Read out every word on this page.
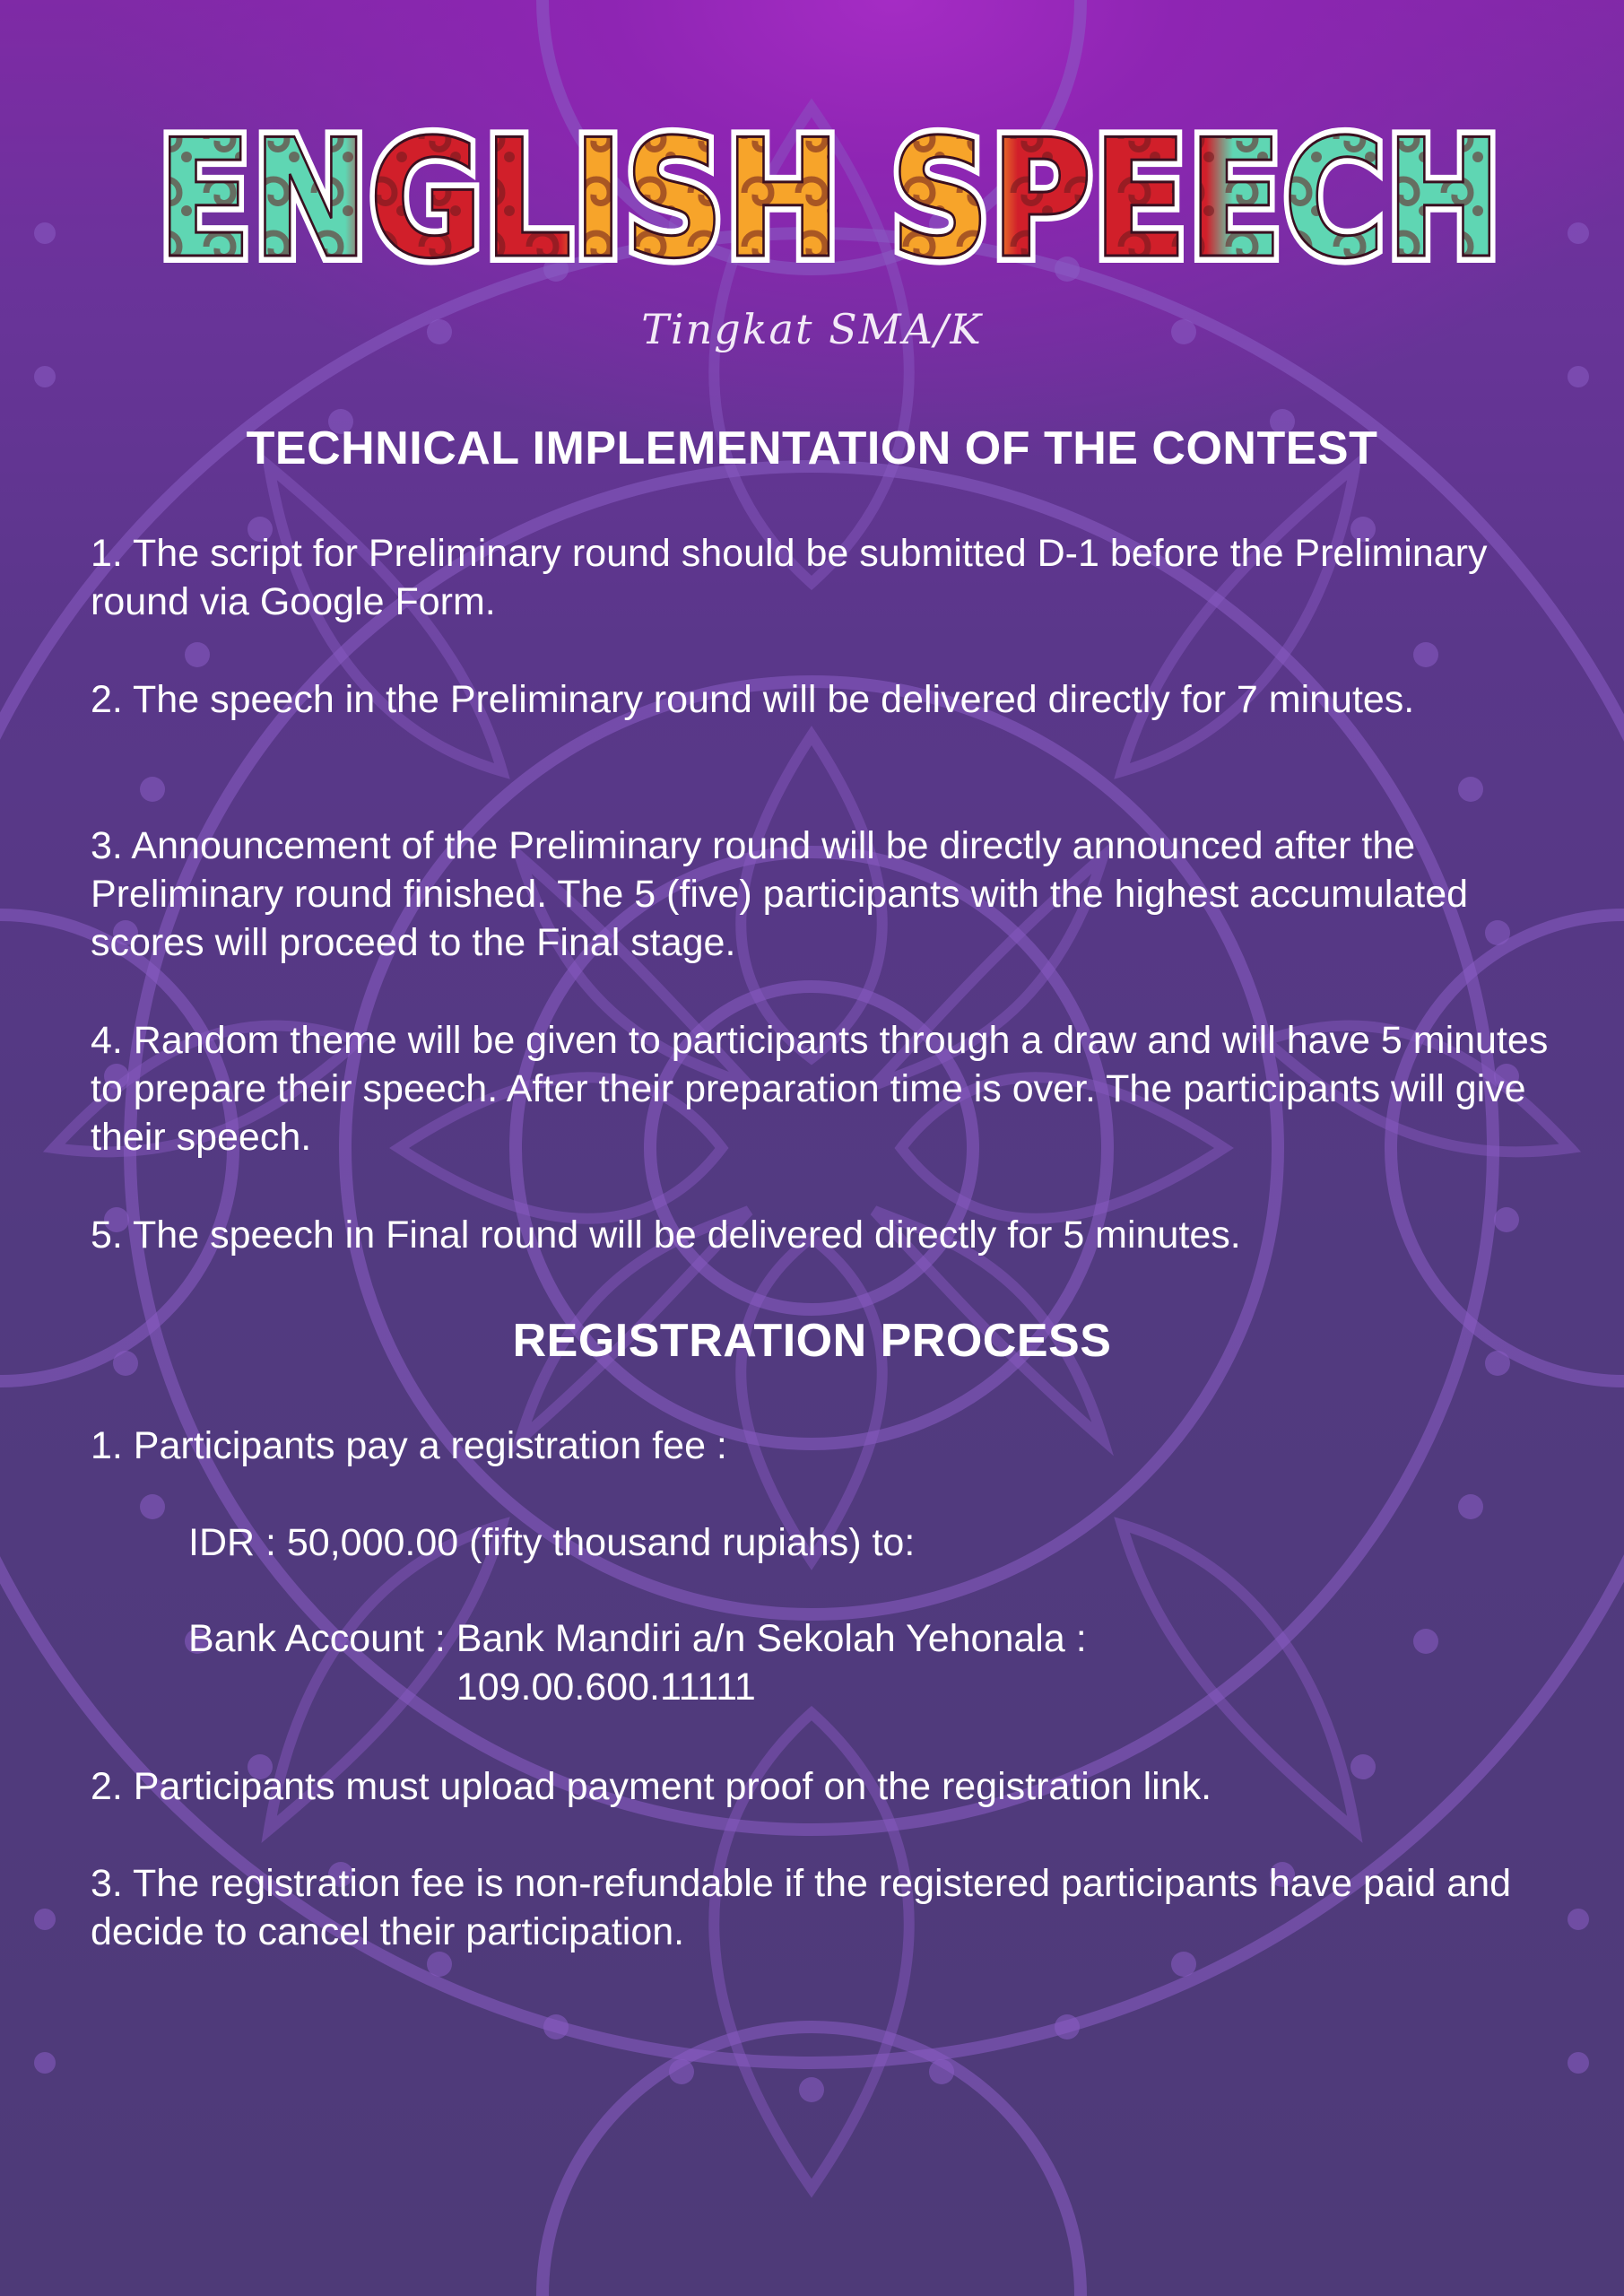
ENGLISH SPEECH
ENGLISH SPEECH
ENGLISH SPEECH
Tingkat SMA/K
TECHNICAL IMPLEMENTATION OF THE CONTEST
1. The script for Preliminary round should be submitted D-1 before the Preliminary round via Google Form.
2. The speech in the Preliminary round will be delivered directly for 7 minutes.
3. Announcement of the Preliminary round will be directly announced after the Preliminary round finished. The 5 (five) participants with the highest accumulated scores will proceed to the Final stage.
4. Random theme will be given to participants through a draw and will have 5 minutes to prepare their speech. After their preparation time is over. The participants will give their speech.
5. The speech in Final round will be delivered directly for 5 minutes.
REGISTRATION PROCESS
1. Participants pay a registration fee :
IDR : 50,000.00 (fifty thousand rupiahs) to:
Bank Account : Bank Mandiri a/n Sekolah Yehonala : 109.00.600.11111
2. Participants must upload payment proof on the registration link.
3. The registration fee is non-refundable if the registered participants have paid and decide to cancel their participation.
